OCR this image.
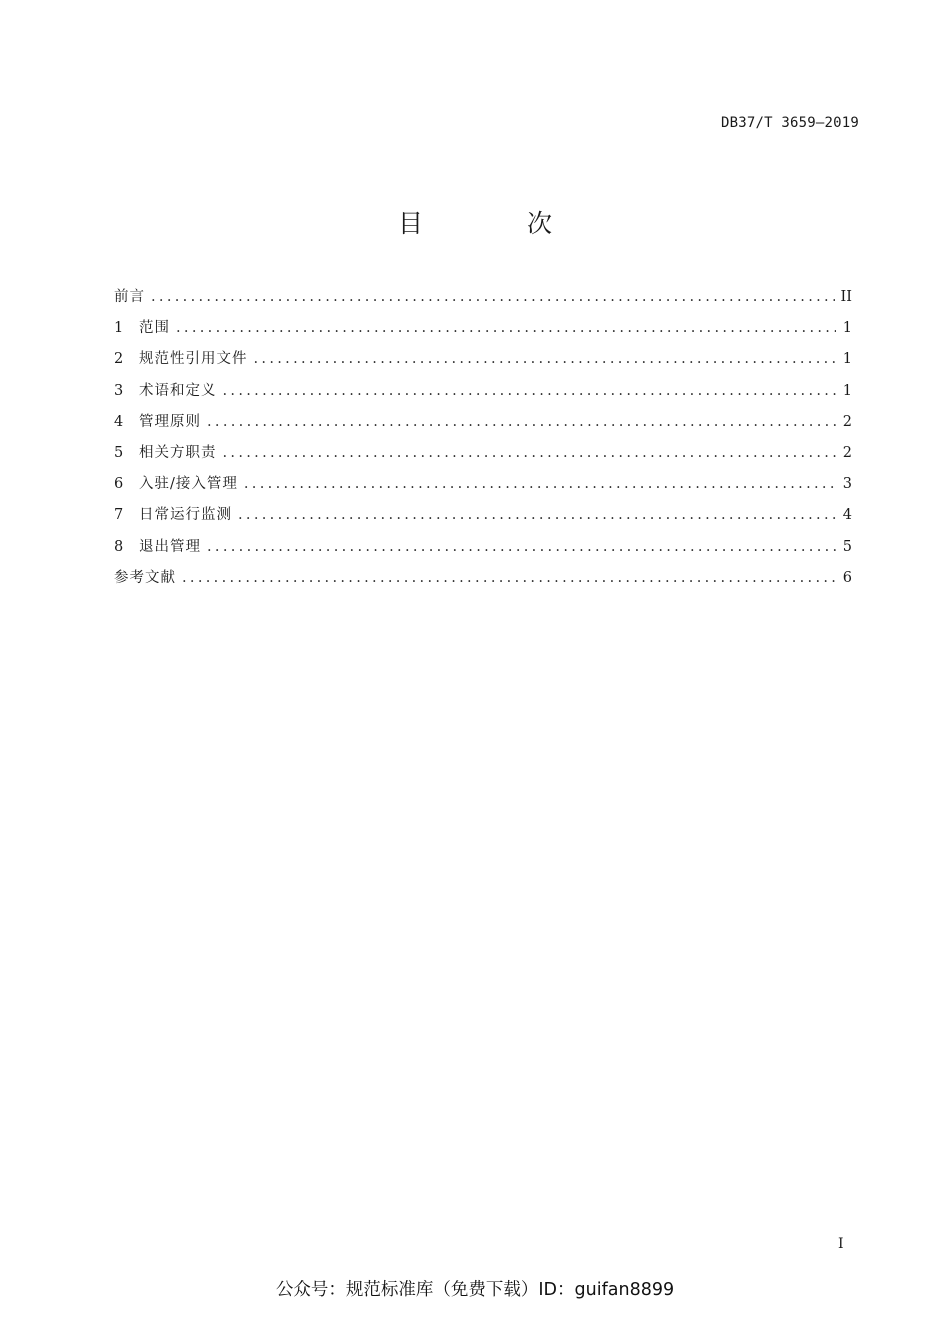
DB37/T 3659—2019
目 次
前言 . . .	II
1	范围 . . .	1
2	规范性引用文件 . . .	1
3	术语和定义 . . .	1
4	管理原则 . . .	2
5	相关方职责 . . .	2
6	入驻/接入管理 . . .	3
7	日常运行监测 . . .	4
8	退出管理 . . .	5
参考文献 . . .	6
I
公众号：规范标准库（免费下载）ID：guifan8899
